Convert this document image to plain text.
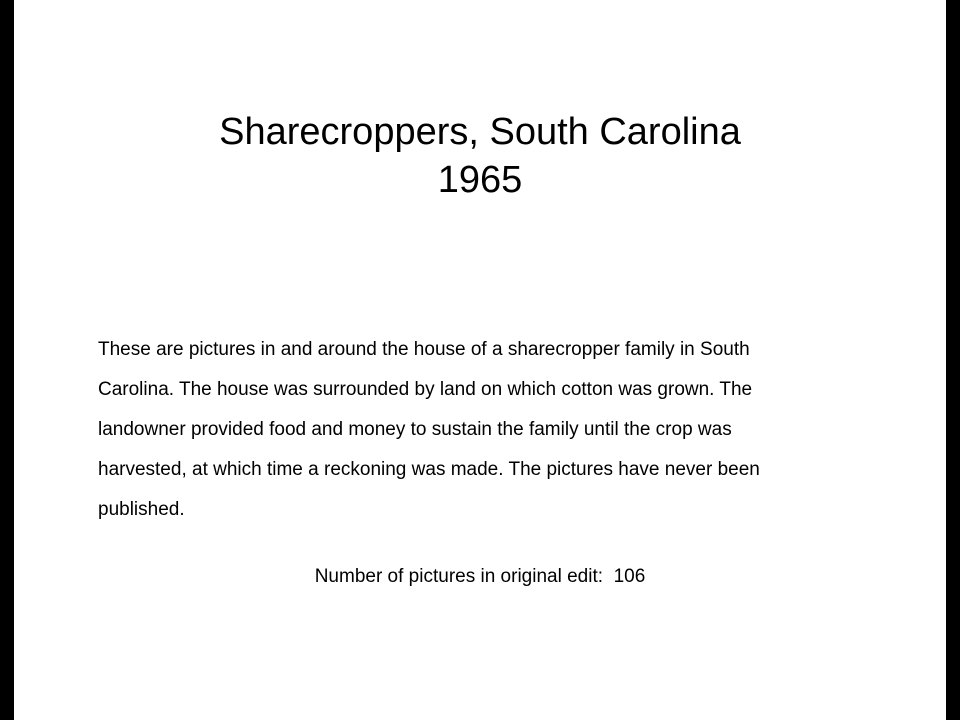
Sharecroppers, South Carolina
1965
These are pictures in and around the house of a sharecropper family in South
Carolina. The house was surrounded by land on which cotton was grown. The
landowner provided food and money to sustain the family until the crop was
harvested, at which time a reckoning was made. The pictures have never been
published.
Number of pictures in original edit: 106
